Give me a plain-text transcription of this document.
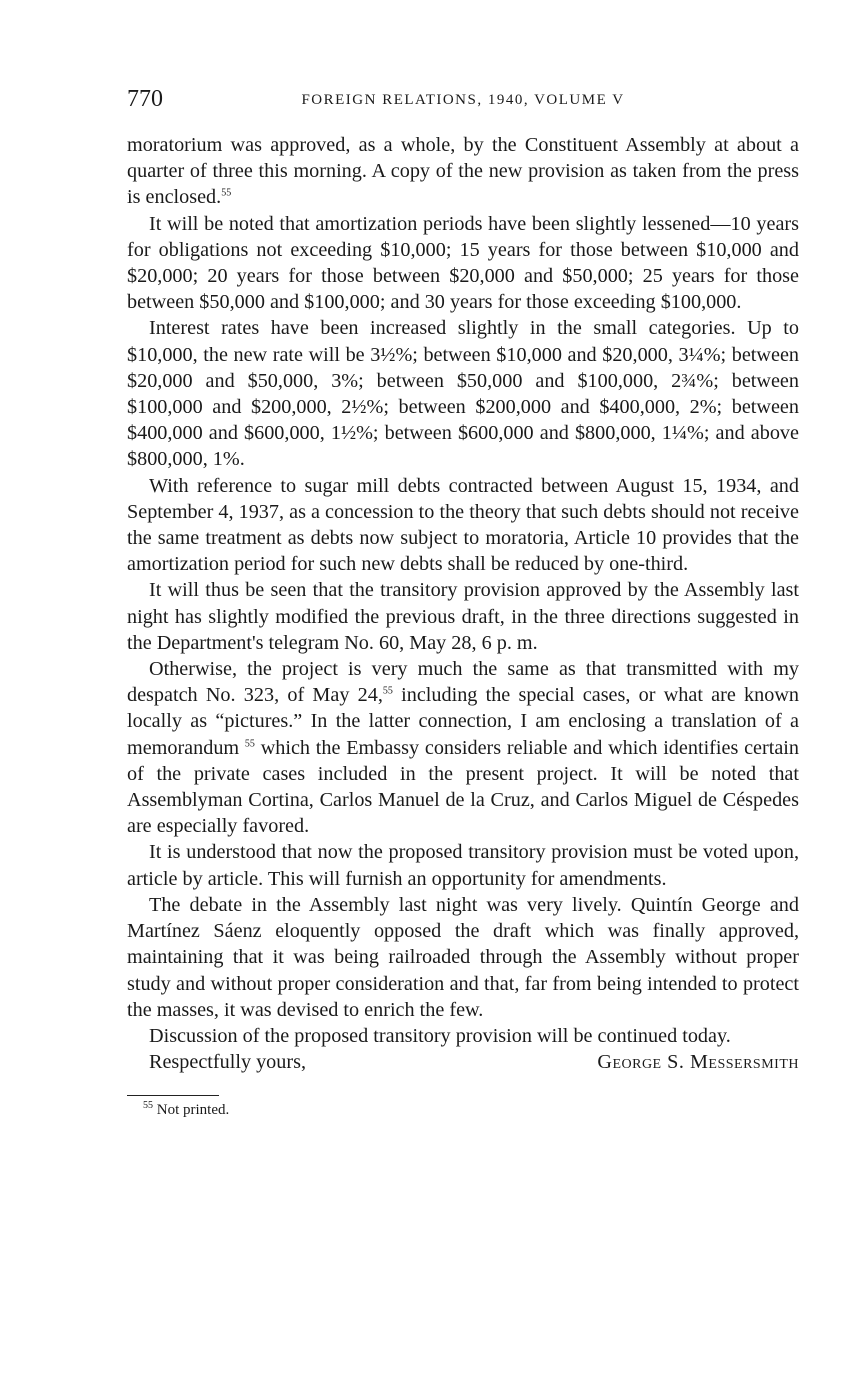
770	FOREIGN RELATIONS, 1940, VOLUME V

moratorium was approved, as a whole, by the Constituent Assembly at about a quarter of three this morning. A copy of the new provision as taken from the press is enclosed.$^{55}$

It will be noted that amortization periods have been slightly lessened—10 years for obligations not exceeding $10,000; 15 years for those between $10,000 and $20,000; 20 years for those between $20,000 and $50,000; 25 years for those between $50,000 and $100,000; and 30 years for those exceeding $100,000.

Interest rates have been increased slightly in the small categories. Up to $10,000, the new rate will be 3½%; between $10,000 and $20,000, 3¼%; between $20,000 and $50,000, 3%; between $50,000 and $100,000, 2¾%; between $100,000 and $200,000, 2½%; between $200,000 and $400,000, 2%; between $400,000 and $600,000, 1½%; between $600,000 and $800,000, 1¼%; and above $800,000, 1%.

With reference to sugar mill debts contracted between August 15, 1934, and September 4, 1937, as a concession to the theory that such debts should not receive the same treatment as debts now subject to moratoria, Article 10 provides that the amortization period for such new debts shall be reduced by one-third.

It will thus be seen that the transitory provision approved by the Assembly last night has slightly modified the previous draft, in the three directions suggested in the Department's telegram No. 60, May 28, 6 p. m.

Otherwise, the project is very much the same as that transmitted with my despatch No. 323, of May 24,55 including the special cases, or what are known locally as “pictures.” In the latter connection, I am enclosing a translation of a memorandum $^{55}$ which the Embassy considers reliable and which identifies certain of the private cases included in the present project. It will be noted that Assemblyman Cortina, Carlos Manuel de la Cruz, and Carlos Miguel de Céspedes are especially favored.

It is understood that now the proposed transitory provision must be voted upon, article by article. This will furnish an opportunity for amendments.

The debate in the Assembly last night was very lively. Quintín George and Martínez Sáenz eloquently opposed the draft which was finally approved, maintaining that it was being railroaded through the Assembly without proper study and without proper consideration and that, far from being intended to protect the masses, it was devised to enrich the few.

Discussion of the proposed transitory provision will be continued today.

Respectfully yours,	George S. Messersmith
$^{55}$ Not printed.
